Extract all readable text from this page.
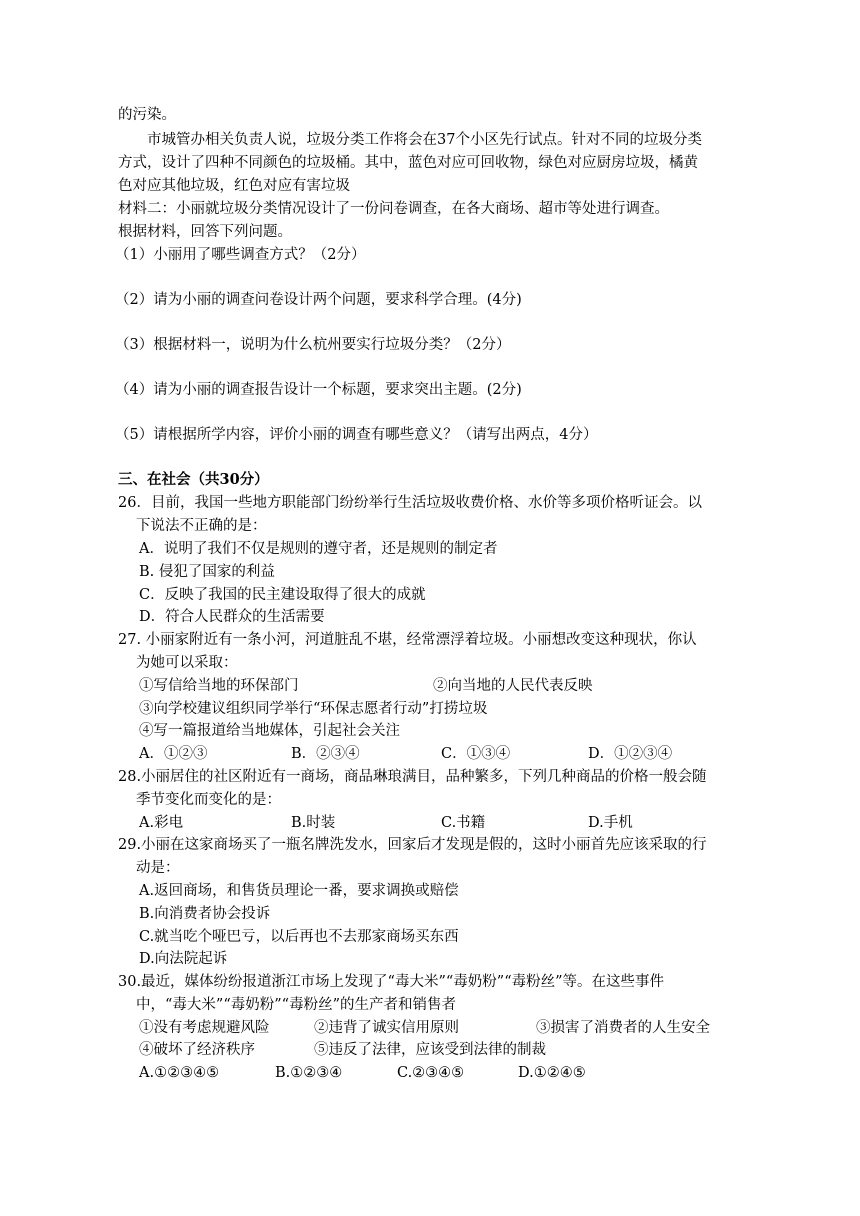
的污染。
市城管办相关负责人说，垃圾分类工作将会在37个小区先行试点。针对不同的垃圾分类
方式，设计了四种不同颜色的垃圾桶。其中，蓝色对应可回收物，绿色对应厨房垃圾，橘黄
色对应其他垃圾，红色对应有害垃圾
材料二：小丽就垃圾分类情况设计了一份问卷调查，在各大商场、超市等处进行调查。
根据材料，回答下列问题。
（1）小丽用了哪些调查方式？（2分）
（2）请为小丽的调查问卷设计两个问题，要求科学合理。(4分)
（3）根据材料一，说明为什么杭州要实行垃圾分类？（2分）
（4）请为小丽的调查报告设计一个标题，要求突出主题。(2分)
（5）请根据所学内容，评价小丽的调查有哪些意义？（请写出两点，4分）
三、在社会（共30分）
26．目前，我国一些地方职能部门纷纷举行生活垃圾收费价格、水价等多项价格听证会。以
下说法不正确的是：
A．说明了我们不仅是规则的遵守者，还是规则的制定者
B. 侵犯了国家的利益
C．反映了我国的民主建设取得了很大的成就
D．符合人民群众的生活需要
27. 小丽家附近有一条小河，河道脏乱不堪，经常漂浮着垃圾。小丽想改变这种现状，你认
为她可以采取：
①写信给当地的环保部门	②向当地的人民代表反映
③向学校建议组织同学举行“环保志愿者行动”打捞垃圾
④写一篇报道给当地媒体，引起社会关注
A．①②③	B．②③④	C．①③④	D．①②③④
28.小丽居住的社区附近有一商场，商品琳琅满目，品种繁多，下列几种商品的价格一般会随
季节变化而变化的是：
A.彩电	B.时装	C.书籍	D.手机
29.小丽在这家商场买了一瓶名牌洗发水，回家后才发现是假的，这时小丽首先应该采取的行
动是：
A.返回商场，和售货员理论一番，要求调换或赔偿
B.向消费者协会投诉
C.就当吃个哑巴亏，以后再也不去那家商场买东西
D.向法院起诉
30.最近，媒体纷纷报道浙江市场上发现了“毒大米”“毒奶粉”“毒粉丝”等。在这些事件
中，“毒大米”“毒奶粉”“毒粉丝”的生产者和销售者
①没有考虑规避风险	②违背了诚实信用原则	③损害了消费者的人生安全
④破坏了经济秩序	⑤违反了法律，应该受到法律的制裁
A.①②③④⑤	B.①②③④	C.②③④⑤	D.①②④⑤
